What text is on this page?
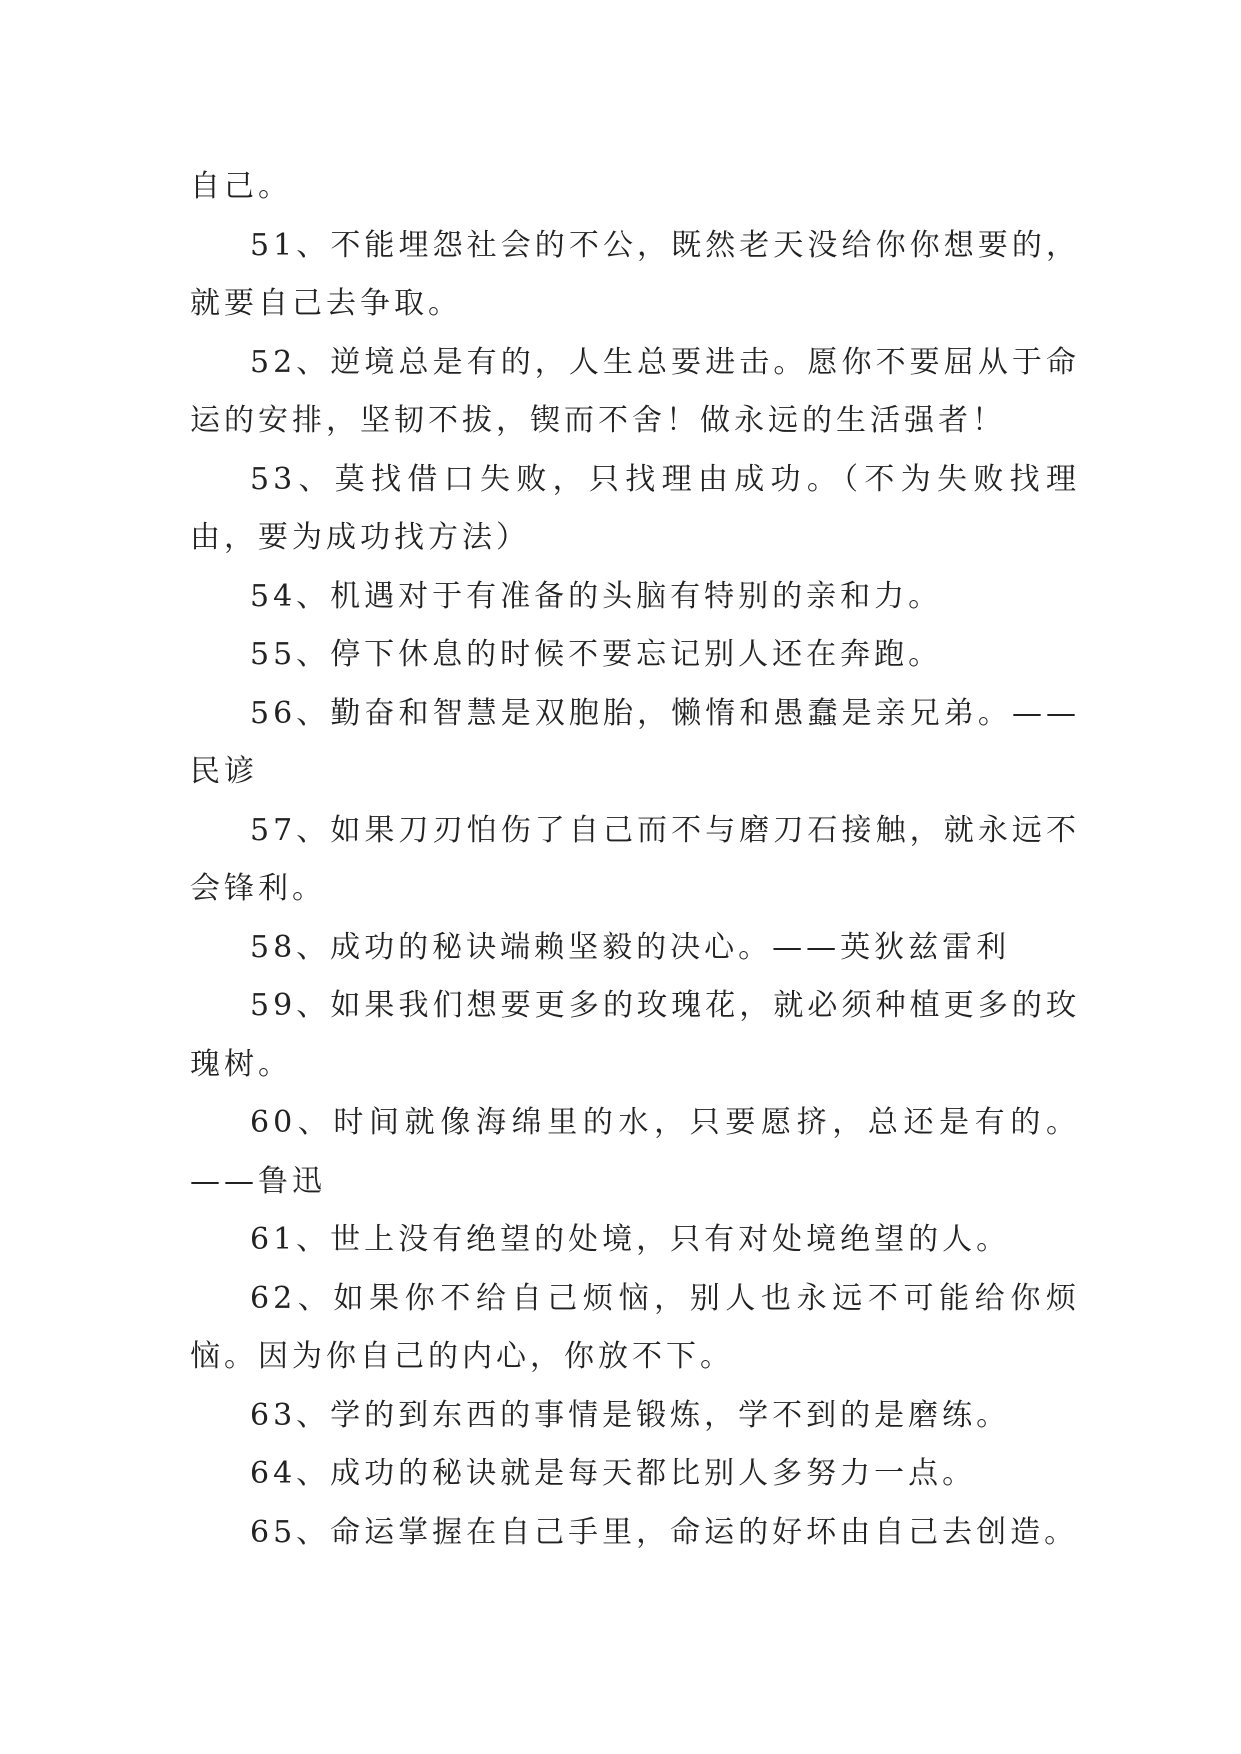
自己。

51、不能埋怨社会的不公，既然老天没给你你想要的，就要自己去争取。

52、逆境总是有的，人生总要进击。愿你不要屈从于命运的安排，坚韧不拔，锲而不舍！做永远的生活强者！

53、莫找借口失败，只找理由成功。（不为失败找理由，要为成功找方法）

54、机遇对于有准备的头脑有特别的亲和力。

55、停下休息的时候不要忘记别人还在奔跑。

56、勤奋和智慧是双胞胎，懒惰和愚蠢是亲兄弟。——民谚

57、如果刀刃怕伤了自己而不与磨刀石接触，就永远不会锋利。

58、成功的秘诀端赖坚毅的决心。——英狄兹雷利

59、如果我们想要更多的玫瑰花，就必须种植更多的玫瑰树。

60、时间就像海绵里的水，只要愿挤，总还是有的。——鲁迅

61、世上没有绝望的处境，只有对处境绝望的人。

62、如果你不给自己烦恼，别人也永远不可能给你烦恼。因为你自己的内心，你放不下。

63、学的到东西的事情是锻炼，学不到的是磨练。

64、成功的秘诀就是每天都比别人多努力一点。

65、命运掌握在自己手里，命运的好坏由自己去创造。
